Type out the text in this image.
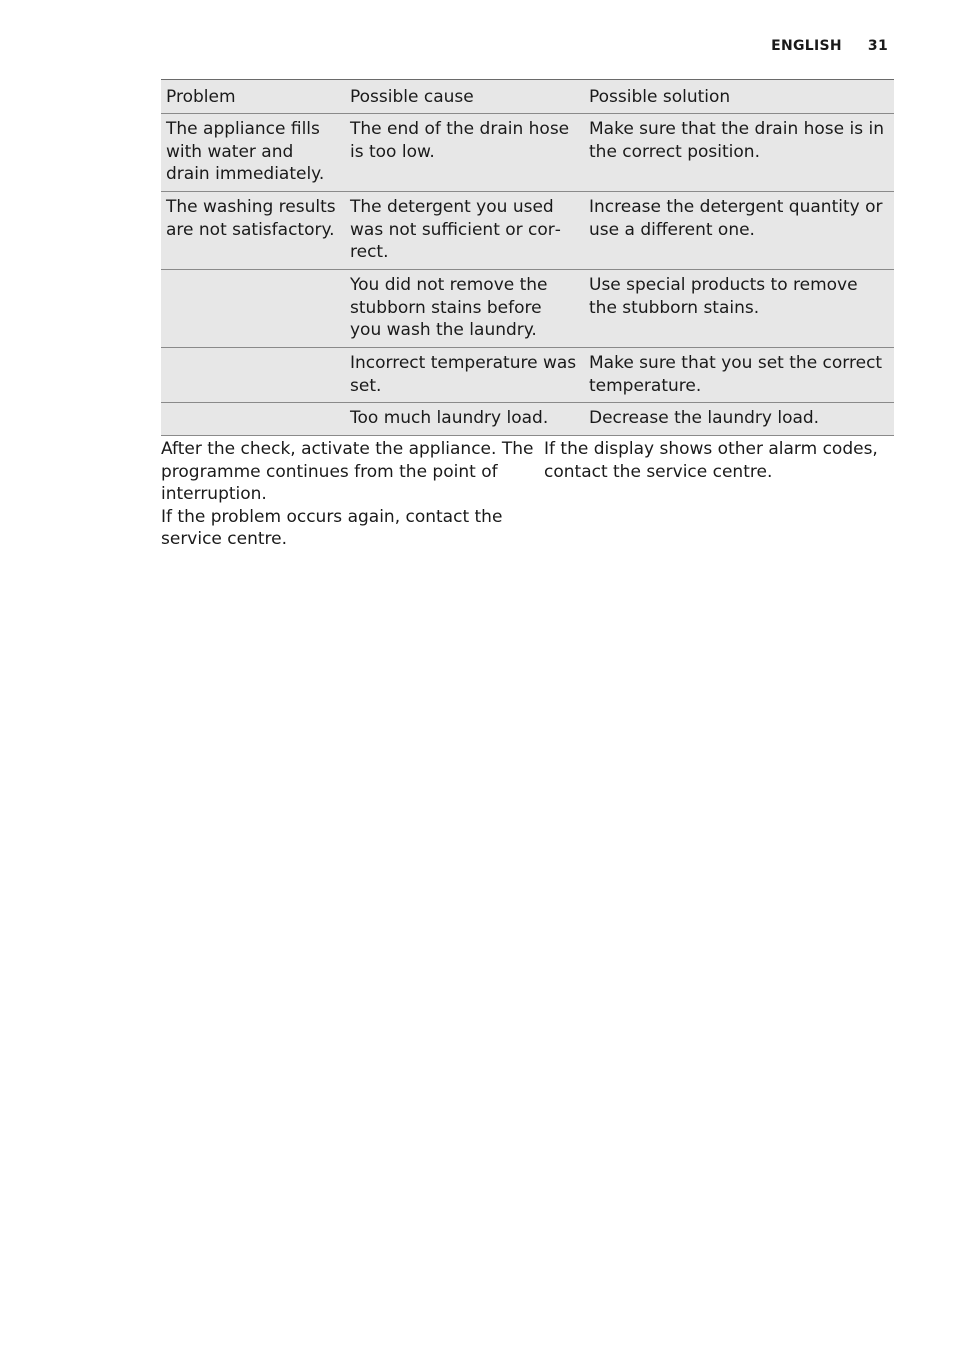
ENGLISH 31
Problem	Possible cause	Possible solution
The appliance fills with water and drain immediately.	The end of the drain hose is too low.	Make sure that the drain hose is in the correct position.
The washing results are not satisfactory.	The detergent you used was not sufficient or correct.	Increase the detergent quantity or use a different one.
	You did not remove the stubborn stains before you wash the laundry.	Use special products to remove the stubborn stains.
	Incorrect temperature was set.	Make sure that you set the correct temperature.
	Too much laundry load.	Decrease the laundry load.

After the check, activate the appliance. The programme continues from the point of interruption.

If the problem occurs again, contact the service centre.

If the display shows other alarm codes, contact the service centre.
